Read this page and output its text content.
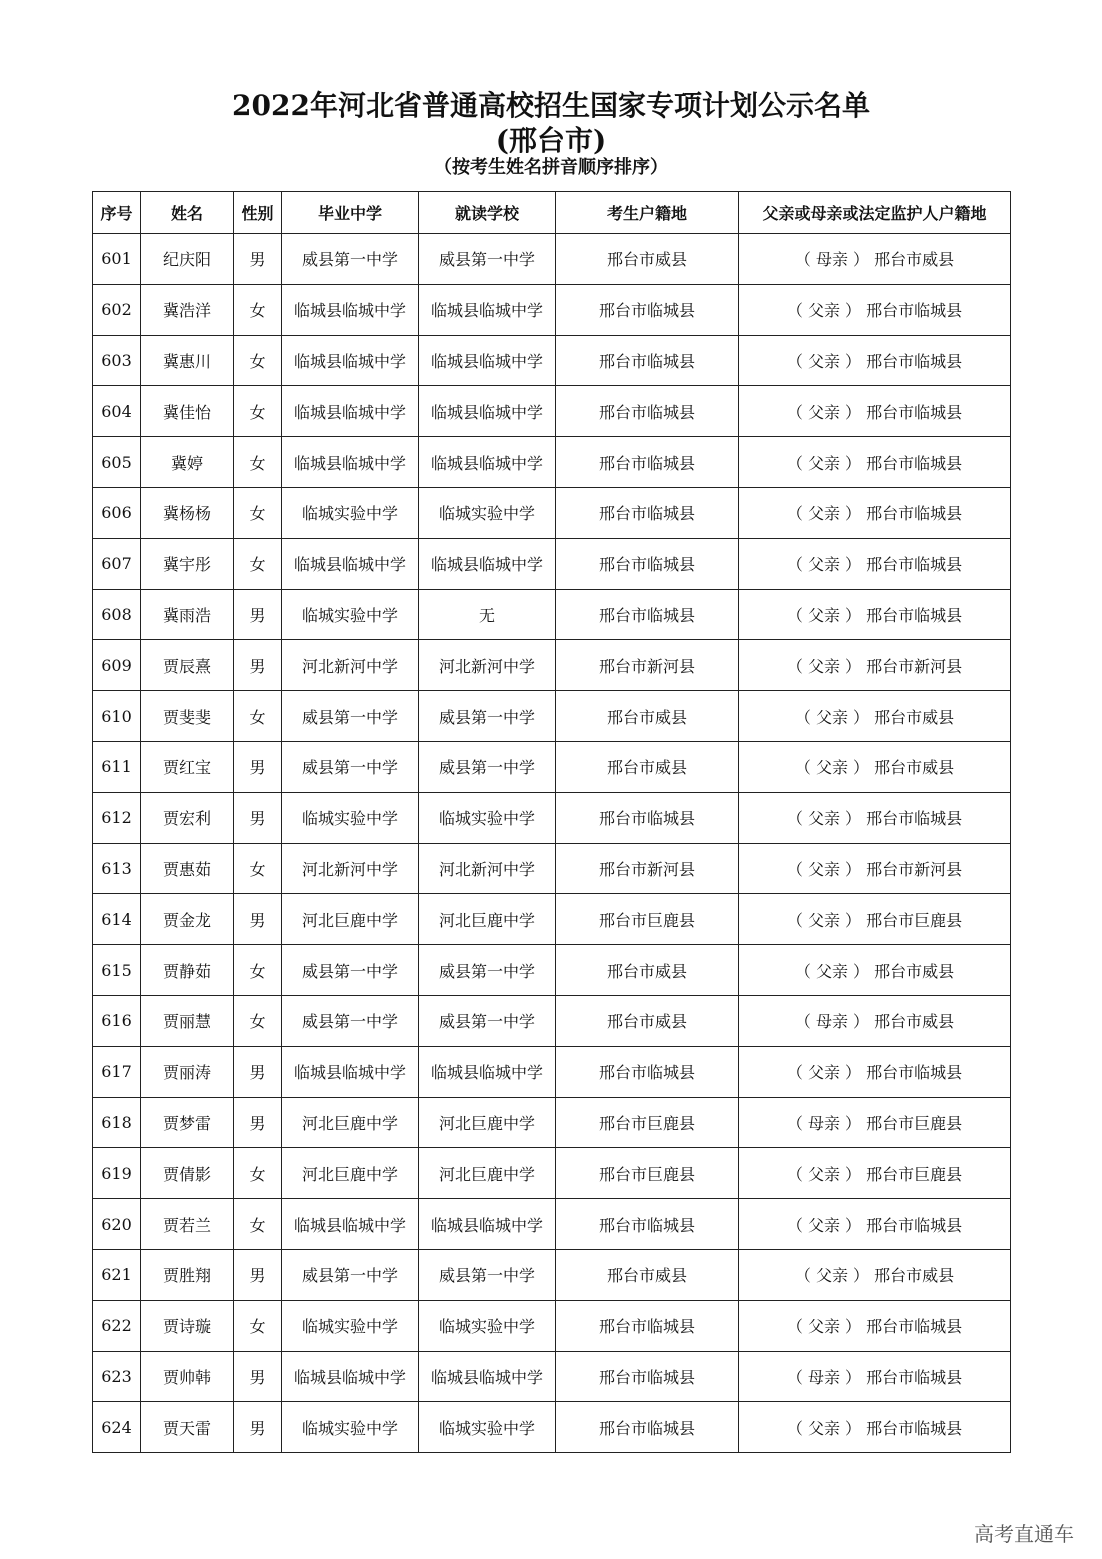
2022年河北省普通高校招生国家专项计划公示名单
(邢台市)
（按考生姓名拼音顺序排序）
序号	姓名	性别	毕业中学	就读学校	考生户籍地	父亲或母亲或法定监护人户籍地
601	纪庆阳	男	威县第一中学	威县第一中学	邢台市威县	（ 母亲 ） 邢台市威县
602	冀浩洋	女	临城县临城中学	临城县临城中学	邢台市临城县	（ 父亲 ） 邢台市临城县
603	冀惠川	女	临城县临城中学	临城县临城中学	邢台市临城县	（ 父亲 ） 邢台市临城县
604	冀佳怡	女	临城县临城中学	临城县临城中学	邢台市临城县	（ 父亲 ） 邢台市临城县
605	冀婷	女	临城县临城中学	临城县临城中学	邢台市临城县	（ 父亲 ） 邢台市临城县
606	冀杨杨	女	临城实验中学	临城实验中学	邢台市临城县	（ 父亲 ） 邢台市临城县
607	冀宇彤	女	临城县临城中学	临城县临城中学	邢台市临城县	（ 父亲 ） 邢台市临城县
608	冀雨浩	男	临城实验中学	无	邢台市临城县	（ 父亲 ） 邢台市临城县
609	贾辰熹	男	河北新河中学	河北新河中学	邢台市新河县	（ 父亲 ） 邢台市新河县
610	贾斐斐	女	威县第一中学	威县第一中学	邢台市威县	（ 父亲 ） 邢台市威县
611	贾红宝	男	威县第一中学	威县第一中学	邢台市威县	（ 父亲 ） 邢台市威县
612	贾宏利	男	临城实验中学	临城实验中学	邢台市临城县	（ 父亲 ） 邢台市临城县
613	贾惠茹	女	河北新河中学	河北新河中学	邢台市新河县	（ 父亲 ） 邢台市新河县
614	贾金龙	男	河北巨鹿中学	河北巨鹿中学	邢台市巨鹿县	（ 父亲 ） 邢台市巨鹿县
615	贾静茹	女	威县第一中学	威县第一中学	邢台市威县	（ 父亲 ） 邢台市威县
616	贾丽慧	女	威县第一中学	威县第一中学	邢台市威县	（ 母亲 ） 邢台市威县
617	贾丽涛	男	临城县临城中学	临城县临城中学	邢台市临城县	（ 父亲 ） 邢台市临城县
618	贾梦雷	男	河北巨鹿中学	河北巨鹿中学	邢台市巨鹿县	（ 母亲 ） 邢台市巨鹿县
619	贾倩影	女	河北巨鹿中学	河北巨鹿中学	邢台市巨鹿县	（ 父亲 ） 邢台市巨鹿县
620	贾若兰	女	临城县临城中学	临城县临城中学	邢台市临城县	（ 父亲 ） 邢台市临城县
621	贾胜翔	男	威县第一中学	威县第一中学	邢台市威县	（ 父亲 ） 邢台市威县
622	贾诗璇	女	临城实验中学	临城实验中学	邢台市临城县	（ 父亲 ） 邢台市临城县
623	贾帅韩	男	临城县临城中学	临城县临城中学	邢台市临城县	（ 母亲 ） 邢台市临城县
624	贾天雷	男	临城实验中学	临城实验中学	邢台市临城县	（ 父亲 ） 邢台市临城县
高考直通车
